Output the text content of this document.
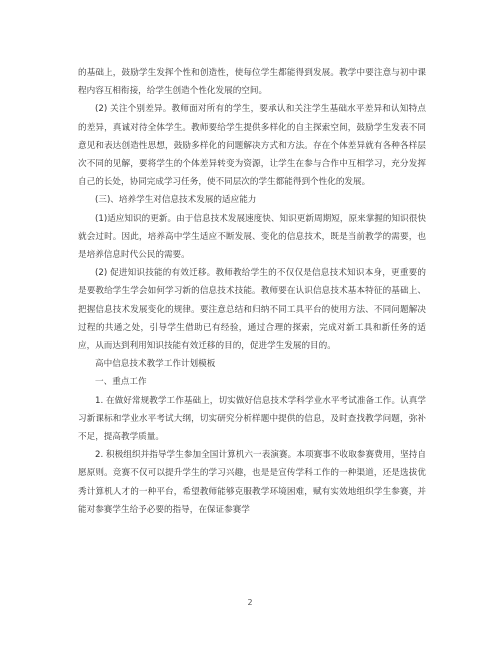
的基础上，鼓励学生发挥个性和创造性，使每位学生都能得到发展。教学中要注意与初中课程内容互相衔接，给学生创造个性化发展的空间。

(2) 关注个别差异。教师面对所有的学生，要承认和关注学生基础水平差异和认知特点的差异，真诚对待全体学生。教师要给学生提供多样化的自主探索空间，鼓励学生发表不同意见和表达创造性思想，鼓励多样化的问题解决方式和方法。存在个体差异就有各种各样层次不同的见解，要将学生的个体差异转变为资源，让学生在参与合作中互相学习，充分发挥自己的长处，协同完成学习任务，使不同层次的学生都能得到个性化的发展。

(三)、培养学生对信息技术发展的适应能力

(1)适应知识的更新。由于信息技术发展速度快、知识更新周期短，原来掌握的知识很快就会过时。因此，培养高中学生适应不断发展、变化的信息技术，既是当前教学的需要，也是培养信息时代公民的需要。

(2) 促进知识技能的有效迁移。教师教给学生的不仅仅是信息技术知识本身，更重要的是要教给学生学会如何学习新的信息技术技能。教师要在认识信息技术基本特征的基础上、把握信息技术发展变化的规律。要注意总结和归纳不同工具平台的使用方法、不同问题解决过程的共通之处，引导学生借助已有经验，通过合理的探索，完成对新工具和新任务的适应，从而达到利用知识技能有效迁移的目的，促进学生发展的目的。

高中信息技术教学工作计划模板

一、重点工作

1. 在做好常规教学工作基础上，切实做好信息技术学科学业水平考试准备工作。认真学习新课标和学业水平考试大纲，切实研究分析样题中提供的信息，及时查找教学问题，弥补不足，提高教学质量。

2. 积极组织并指导学生参加全国计算机六一表演赛。本项赛事不收取参赛费用，坚持自愿原则。竞赛不仅可以提升学生的学习兴趣，也是是宣传学科工作的一种渠道，还是选拔优秀计算机人才的一种平台，希望教师能够克服教学环境困难，赋有实效地组织学生参赛，并能对参赛学生给予必要的指导，在保证参赛学

2
